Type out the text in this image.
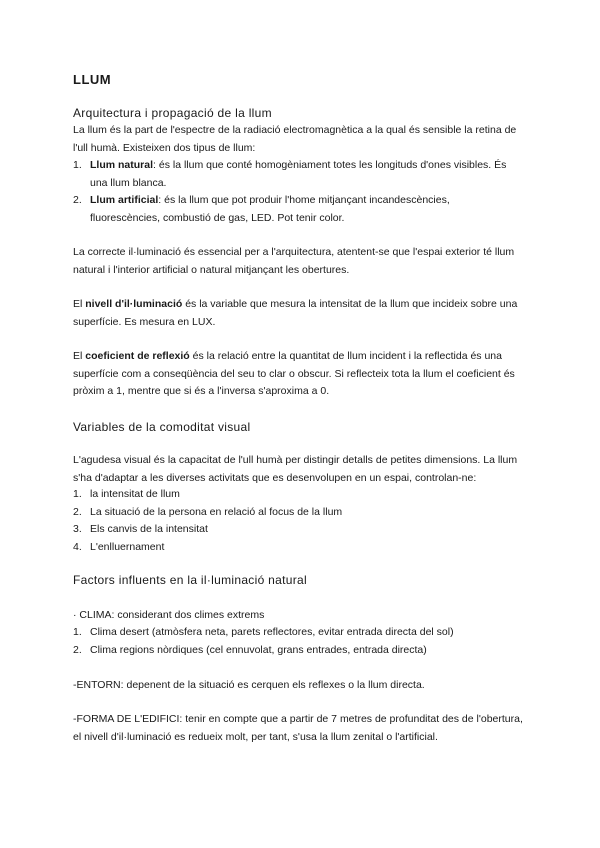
LLUM
Arquitectura i propagació de la llum
La llum és la part de l'espectre de la radiació electromagnètica a la qual és sensible la retina de l'ull humà. Existeixen dos tipus de llum:
1. Llum natural: és la llum que conté homogèniament totes les longituds d'ones visibles. És una llum blanca.
2. Llum artificial: és la llum que pot produir l'home mitjançant incandescències, fluorescències, combustió de gas, LED. Pot tenir color.
La correcte il·luminació és essencial per a l'arquitectura, atentent-se que l'espai exterior té llum natural i l'interior artificial o natural mitjançant les obertures.
El nivell d'il·luminació és la variable que mesura la intensitat de la llum que incideix sobre una superfície. Es mesura en LUX.
El coeficient de reflexió és la relació entre la quantitat de llum incident i la reflectida és una superfície com a conseqüència del seu to clar o obscur. Si reflecteix tota la llum el coeficient és pròxim a 1, mentre que si és a l'inversa s'aproxima a 0.
Variables de la comoditat visual
L'agudesa visual és la capacitat de l'ull humà per distingir detalls de petites dimensions. La llum s'ha d'adaptar a les diverses activitats que es desenvolupen en un espai, controlan-ne:
1. la intensitat de llum
2. La situació de la persona en relació al focus de la llum
3. Els canvis de la intensitat
4. L'enlluernament
Factors influents en la il·luminació natural
· CLIMA: considerant dos climes extrems
1. Clima desert (atmòsfera neta, parets reflectores, evitar entrada directa del sol)
2. Clima regions nòrdiques (cel ennuvolat, grans entrades, entrada directa)
-ENTORN: depenent de la situació es cerquen els reflexes o la llum directa.
-FORMA DE L'EDIFICI: tenir en compte que a partir de 7 metres de profunditat des de l'obertura, el nivell d'il·luminació es redueix molt, per tant, s'usa la llum zenital o l'artificial.
